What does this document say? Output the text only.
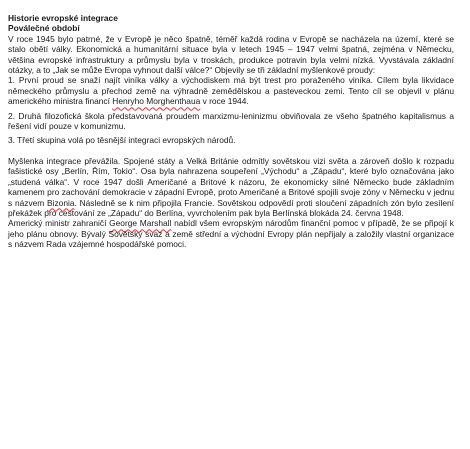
Historie evropské integrace

Poválečné období

V roce 1945 bylo patrné, že v Evropě je něco špatně, téměř každá rodina v Evropě se nacházela na území, které se stalo obětí války. Ekonomická a humanitární situace byla v letech 1945 – 1947 velmi špatná, zejména v Německu, většina evropské infrastruktury a průmyslu byla v troskách, produkce potravin byla velmi nízká. Vyvstávala základní otázky, a to „Jak se může Evropa vyhnout další válce?“ Objevily se tři základní myšlenkové proudy:

1. První proud se snaží najít viníka války a východiskem má být trest pro poraženého viníka. Cílem byla likvidace německého průmyslu a přechod země na výhradně zemědělskou a pasteveckou zemi. Tento cíl se objevil v plánu amerického ministra financí Henryho Morghenthaua v roce 1944.

2. Druhá filozofická škola představovaná proudem marxizmu-leninizmu obviňovala ze všeho špatného kapitalismus a řešení vidí pouze v komunizmu.

3. Třetí skupina volá po těsnější integraci evropských národů.

Myšlenka integrace převážila. Spojené státy a Velká Británie odmítly sovětskou vizi světa a zároveň došlo k rozpadu fašistické osy „Berlín, Řím, Tokio“. Osa byla nahrazena soupeření „Východu“ a „Západu“, které bylo označována jako „studená válka“. V roce 1947 došli Američané a Britové k názoru, že ekonomicky silné Německo bude základním kamenem pro zachování demokracie v západní Evropě, proto Američané a Britové spojili svoje zóny v Německu v jednu s názvem Bizonia. Následně se k nim připojila Francie. Sovětskou odpovědí proti sloučení západních zón bylo zesílení překážek pro cestování ze „Západu“ do Berlína, vyvrcholením pak byla Berlínská blokáda 24. června 1948.

Americký ministr zahraničí George Marshall nabídl všem evropským národům finanční pomoc v případě, že se připojí k jeho plánu obnovy. Bývalý Sovětský svaz a země střední a východní Evropy plán nepřijaly a založily vlastní organizace s názvem Rada vzájemné hospodářské pomoci.
